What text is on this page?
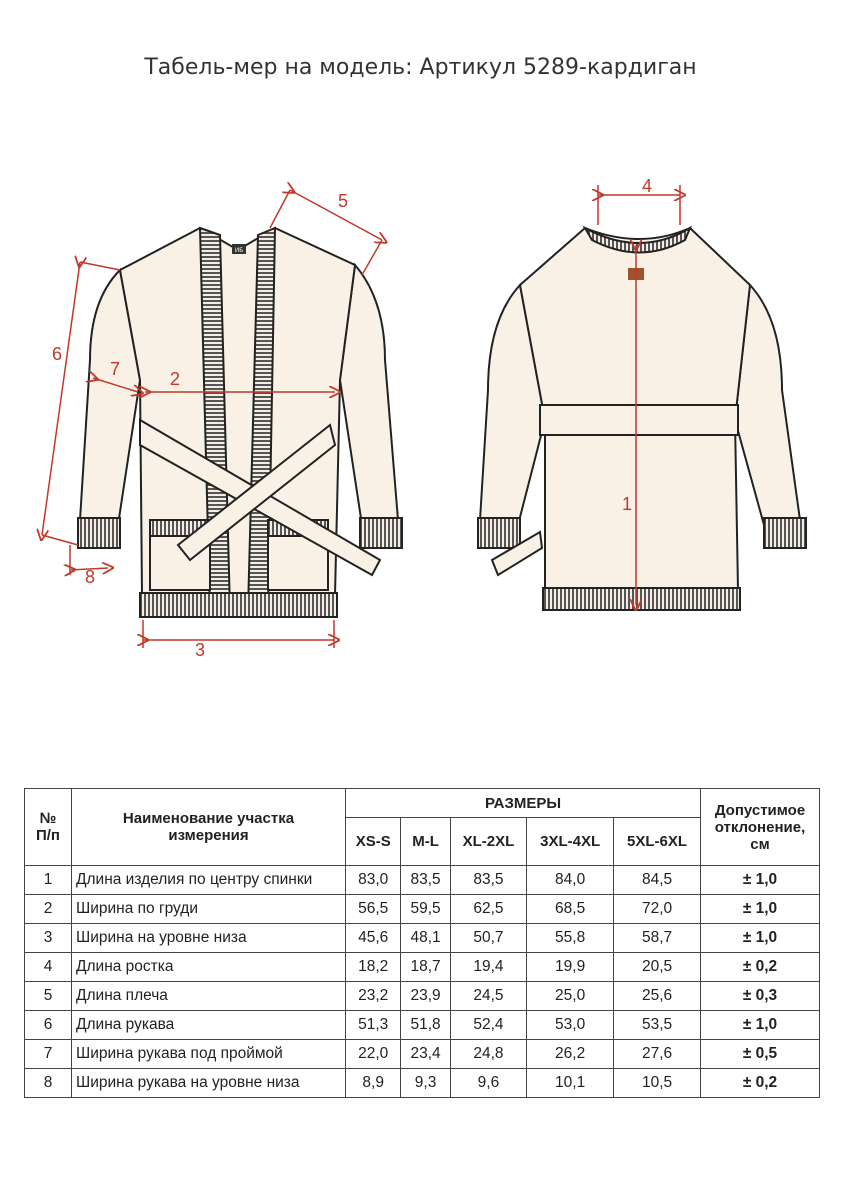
Табель-мер на модель: Артикул 5289-кардиган
ИБ
5
6
7	2
8
3
4
1
№
П/п	Наименование участка
измерения	РАЗМЕРЫ					Допустимое
отклонение,
см
		XS-S	M-L	XL-2XL	3XL-4XL	5XL-6XL	
1	Длина изделия по центру спинки	83,0	83,5	83,5	84,0	84,5	± 1,0
2	Ширина по груди	56,5	59,5	62,5	68,5	72,0	± 1,0
3	Ширина на уровне низа	45,6	48,1	50,7	55,8	58,7	± 1,0
4	Длина ростка	18,2	18,7	19,4	19,9	20,5	± 0,2
5	Длина плеча	23,2	23,9	24,5	25,0	25,6	± 0,3
6	Длина рукава	51,3	51,8	52,4	53,0	53,5	± 1,0
7	Ширина рукава под проймой	22,0	23,4	24,8	26,2	27,6	± 0,5
8	Ширина рукава на уровне низа	8,9	9,3	9,6	10,1	10,5	± 0,2
